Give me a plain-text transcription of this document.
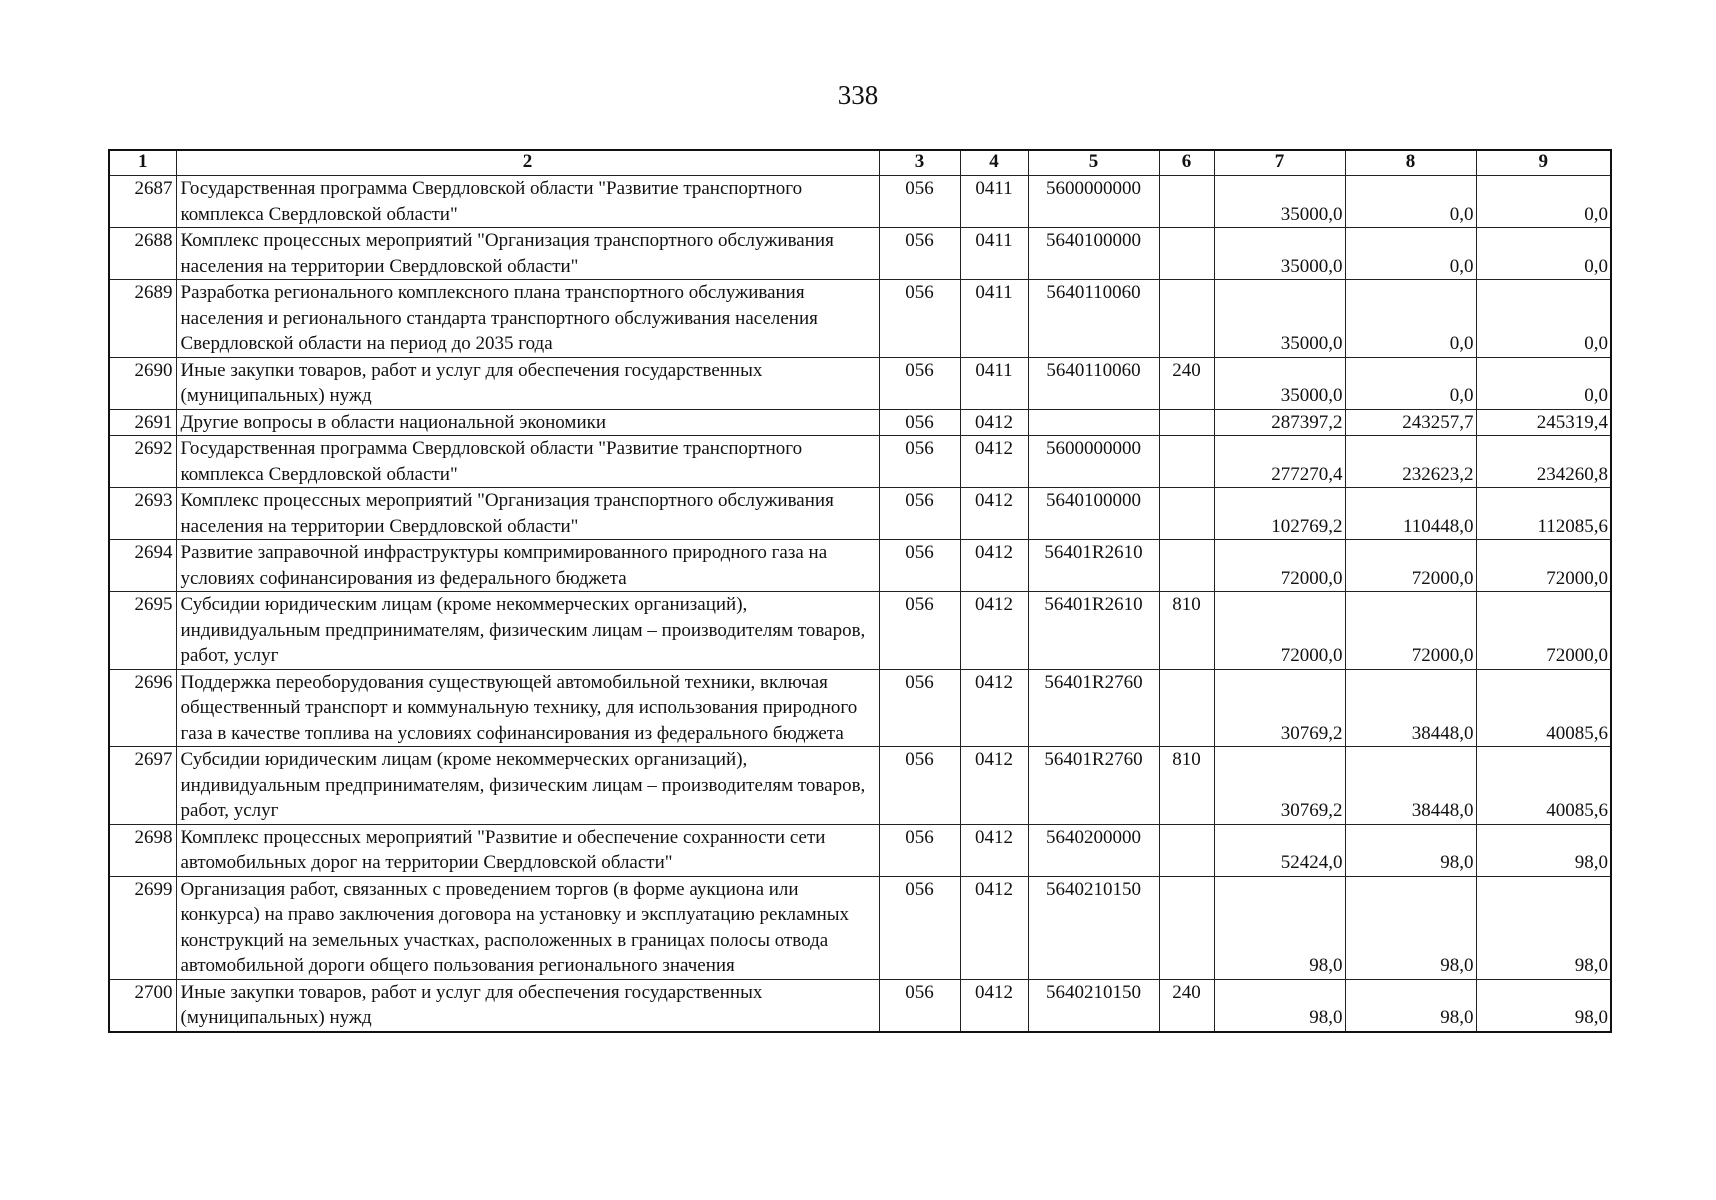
338
1	2	3	4	5	6	7	8	9
2687	Государственная программа Свердловской области "Развитие транспортного комплекса Свердловской области"	056	0411	5600000000		35000,0	0,0	0,0
2688	Комплекс процессных мероприятий "Организация транспортного обслуживания населения на территории Свердловской области"	056	0411	5640100000		35000,0	0,0	0,0
2689	Разработка регионального комплексного плана транспортного обслуживания населения и регионального стандарта транспортного обслуживания населения Свердловской области на период до 2035 года	056	0411	5640110060		35000,0	0,0	0,0
2690	Иные закупки товаров, работ и услуг для обеспечения государственных (муниципальных) нужд	056	0411	5640110060	240	35000,0	0,0	0,0
2691	Другие вопросы в области национальной экономики	056	0412			287397,2	243257,7	245319,4
2692	Государственная программа Свердловской области "Развитие транспортного комплекса Свердловской области"	056	0412	5600000000		277270,4	232623,2	234260,8
2693	Комплекс процессных мероприятий "Организация транспортного обслуживания населения на территории Свердловской области"	056	0412	5640100000		102769,2	110448,0	112085,6
2694	Развитие заправочной инфраструктуры компримированного природного газа на условиях софинансирования из федерального бюджета	056	0412	56401R2610		72000,0	72000,0	72000,0
2695	Субсидии юридическим лицам (кроме некоммерческих организаций), индивидуальным предпринимателям, физическим лицам – производителям товаров, работ, услуг	056	0412	56401R2610	810	72000,0	72000,0	72000,0
2696	Поддержка переоборудования существующей автомобильной техники, включая общественный транспорт и коммунальную технику, для использования природного газа в качестве топлива на условиях софинансирования из федерального бюджета	056	0412	56401R2760		30769,2	38448,0	40085,6
2697	Субсидии юридическим лицам (кроме некоммерческих организаций), индивидуальным предпринимателям, физическим лицам – производителям товаров, работ, услуг	056	0412	56401R2760	810	30769,2	38448,0	40085,6
2698	Комплекс процессных мероприятий "Развитие и обеспечение сохранности сети автомобильных дорог на территории Свердловской области"	056	0412	5640200000		52424,0	98,0	98,0
2699	Организация работ, связанных с проведением торгов (в форме аукциона или конкурса) на право заключения договора на установку и эксплуатацию рекламных конструкций на земельных участках, расположенных в границах полосы отвода автомобильной дороги общего пользования регионального значения	056	0412	5640210150		98,0	98,0	98,0
2700	Иные закупки товаров, работ и услуг для обеспечения государственных (муниципальных) нужд	056	0412	5640210150	240	98,0	98,0	98,0
